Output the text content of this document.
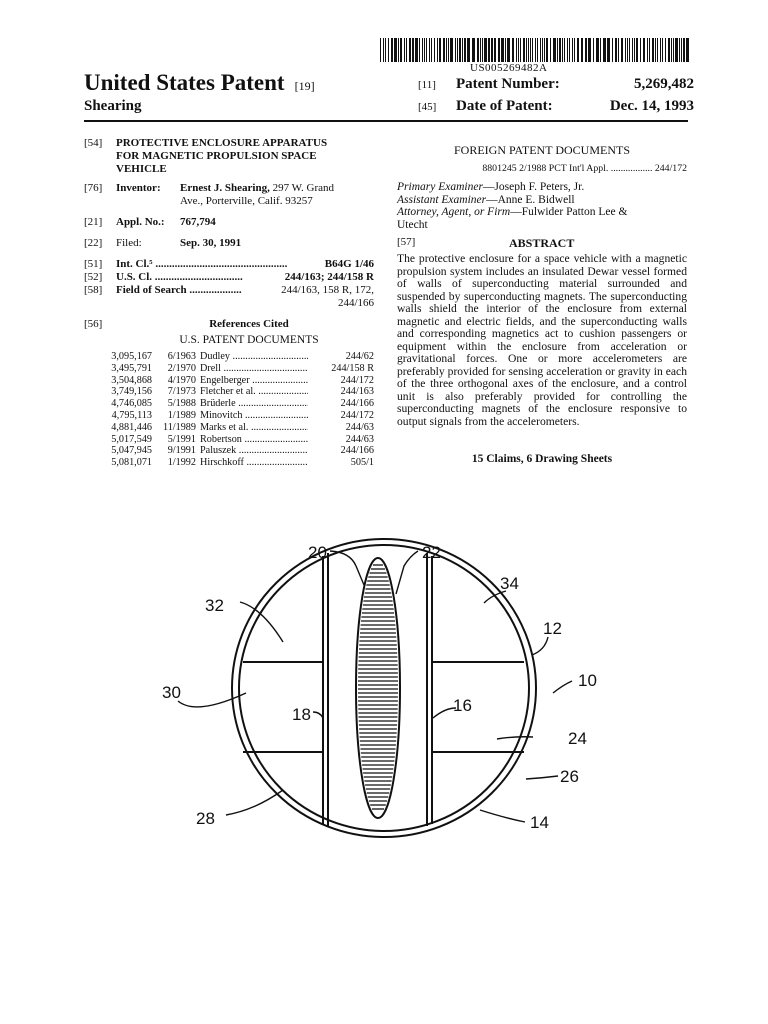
US005269482A
United States Patent [19]
Shearing
[11] Patent Number:	5,269,482
[45] Date of Patent:	Dec. 14, 1993
[54] PROTECTIVE ENCLOSURE APPARATUS
FOR MAGNETIC PROPULSION SPACE
VEHICLE
[76] Inventor: Ernest J. Shearing, 297 W. Grand
Ave., Porterville, Calif. 93257
[21] Appl. No.: 767,794
[22] Filed:	Sep. 30, 1991
[51] Int. Cl.⁵ ................................................	B64G 1/46
[52] U.S. Cl. ................................	244/163; 244/158 R
[58] Field of Search ...................	244/163, 158 R, 172,
244/166
[56]	References Cited
U.S. PATENT DOCUMENTS
3,095,167	6/1963 Dudley .....	244/62
3,495,791	2/1970 Drell .....	244/158 R
3,504,868	4/1970 Engelberger .....	244/172
3,749,156	7/1973 Fletcher et al. .....	244/163
4,746,085	5/1988 Brüderle .....	244/166
4,795,113	1/1989 Minovitch .....	244/172
4,881,446	11/1989 Marks et al. .....	244/63
5,017,549	5/1991 Robertson .....	244/63
5,047,945	9/1991 Paluszek .....	244/166
5,081,071	1/1992 Hirschkoff .....	505/1
FOREIGN PATENT DOCUMENTS
8801245 2/1988 PCT Int'l Appl. ................. 244/172
Primary Examiner—Joseph F. Peters, Jr.
Assistant Examiner—Anne E. Bidwell
Attorney, Agent, or Firm—Fulwider Patton Lee &
Utecht
[57]	ABSTRACT
The protective enclosure for a space vehicle with a magnetic propulsion system includes an insulated Dewar vessel formed of walls of superconducting material surrounded and suspended by superconducting magnets. The superconducting walls shield the interior of the enclosure from external magnetic and electric fields, and the superconducting walls and corresponding magnetics act to cushion passengers or equipment within the enclosure from acceleration or gravitational forces. One or more accelerometers are preferably provided for sensing acceleration or gravity in each of the three orthogonal axes of the enclosure, and a control unit is also preferably provided for controlling the superconducting magnets of the enclosure responsive to output signals from the accelerometers.
15 Claims, 6 Drawing Sheets
20	22
34
32
12
10
30
18	16
24
26
28	14
